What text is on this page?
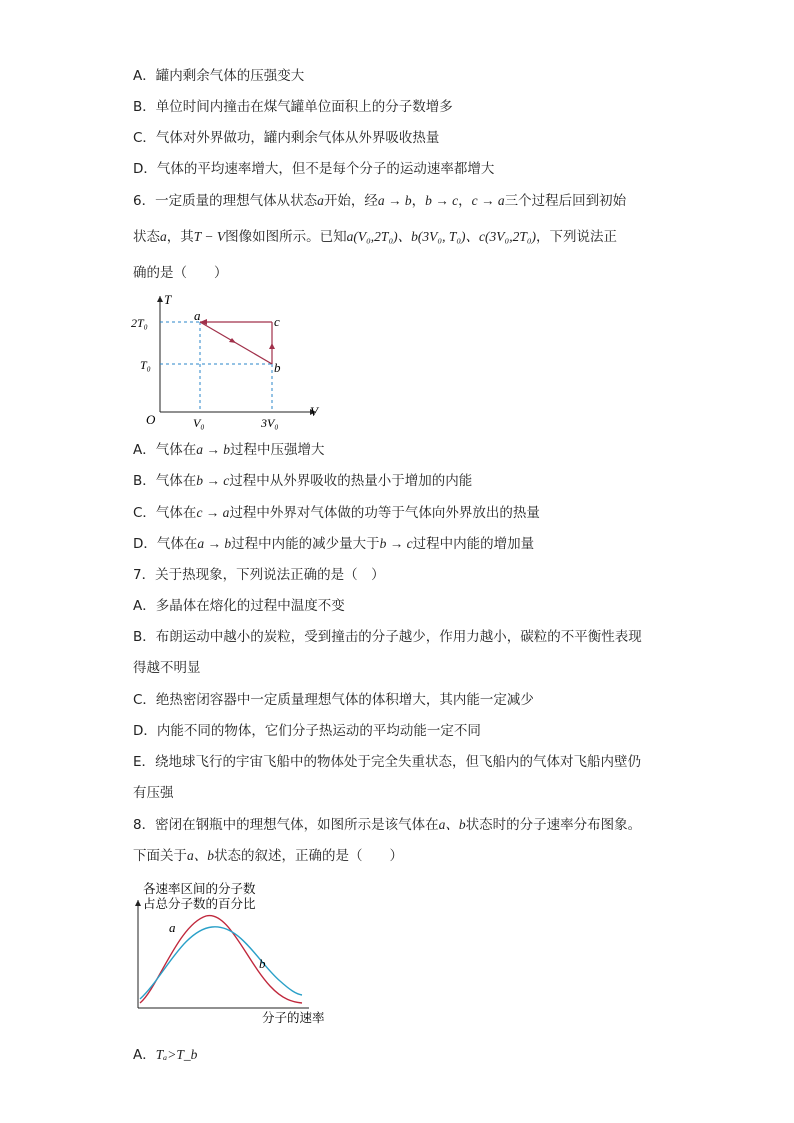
A．罐内剩余气体的压强变大
B．单位时间内撞击在煤气罐单位面积上的分子数增多
C．气体对外界做功，罐内剩余气体从外界吸收热量
D．气体的平均速率增大，但不是每个分子的运动速率都增大
6．一定质量的理想气体从状态a开始，经a → b，b → c，c → a三个过程后回到初始
状态a，其T − V图像如图所示。已知a(V₀,2T₀)、b(3V₀, T₀)、c(3V₀,2T₀)，下列说法正
确的是（　　）
T
V
O
2T₀
T₀
V₀	3V₀
a
b
c
A．气体在a → b过程中压强增大
B．气体在b → c过程中从外界吸收的热量小于增加的内能
C．气体在c → a过程中外界对气体做的功等于气体向外界放出的热量
D．气体在a → b过程中内能的减少量大于b → c过程中内能的增加量
7．关于热现象，下列说法正确的是（　）
A．多晶体在熔化的过程中温度不变
B．布朗运动中越小的炭粒，受到撞击的分子越少，作用力越小，碳粒的不平衡性表现
得越不明显
C．绝热密闭容器中一定质量理想气体的体积增大，其内能一定减少
D．内能不同的物体，它们分子热运动的平均动能一定不同
E．绕地球飞行的宇宙飞船中的物体处于完全失重状态，但飞船内的气体对飞船内壁仍
有压强
8．密闭在钢瓶中的理想气体，如图所示是该气体在a、b状态时的分子速率分布图象。
下面关于a、b状态的叙述，正确的是（　　）
各速率区间的分子数
占总分子数的百分比
a
b
分子的速率
A．Tₐ>T_b
